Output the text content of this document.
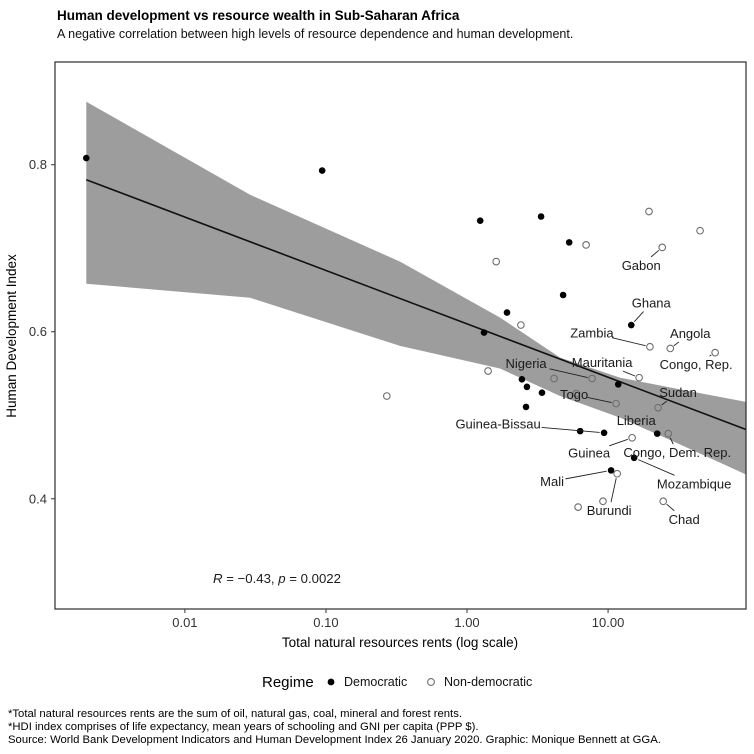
Human development vs resource wealth in Sub-Saharan Africa
A negative correlation between high levels of resource dependence and human development.
Ghana
Guinea-Bissau	Liberia
Mozambique
Mali
Gabon
Zambia	Angola
Congo, Rep.
Nigeria Mauritania
Togo	Sudan
Guinea Congo, Dem. Rep.
Burundi
Chad
0.01	0.10	1.00	10.00
0.8
0.6
0.4
R = −0.43, p = 0.0022
Total natural resources rents (log scale)
Human Development Index
Regime Democratic	Non-democratic
*Total natural resources rents are the sum of oil, natural gas, coal, mineral and forest rents.
*HDI index comprises of life expectancy, mean years of schooling and GNI per capita (PPP $).
Source: World Bank Development Indicators and Human Development Index 26 January 2020. Graphic: Monique Bennett at GGA.
